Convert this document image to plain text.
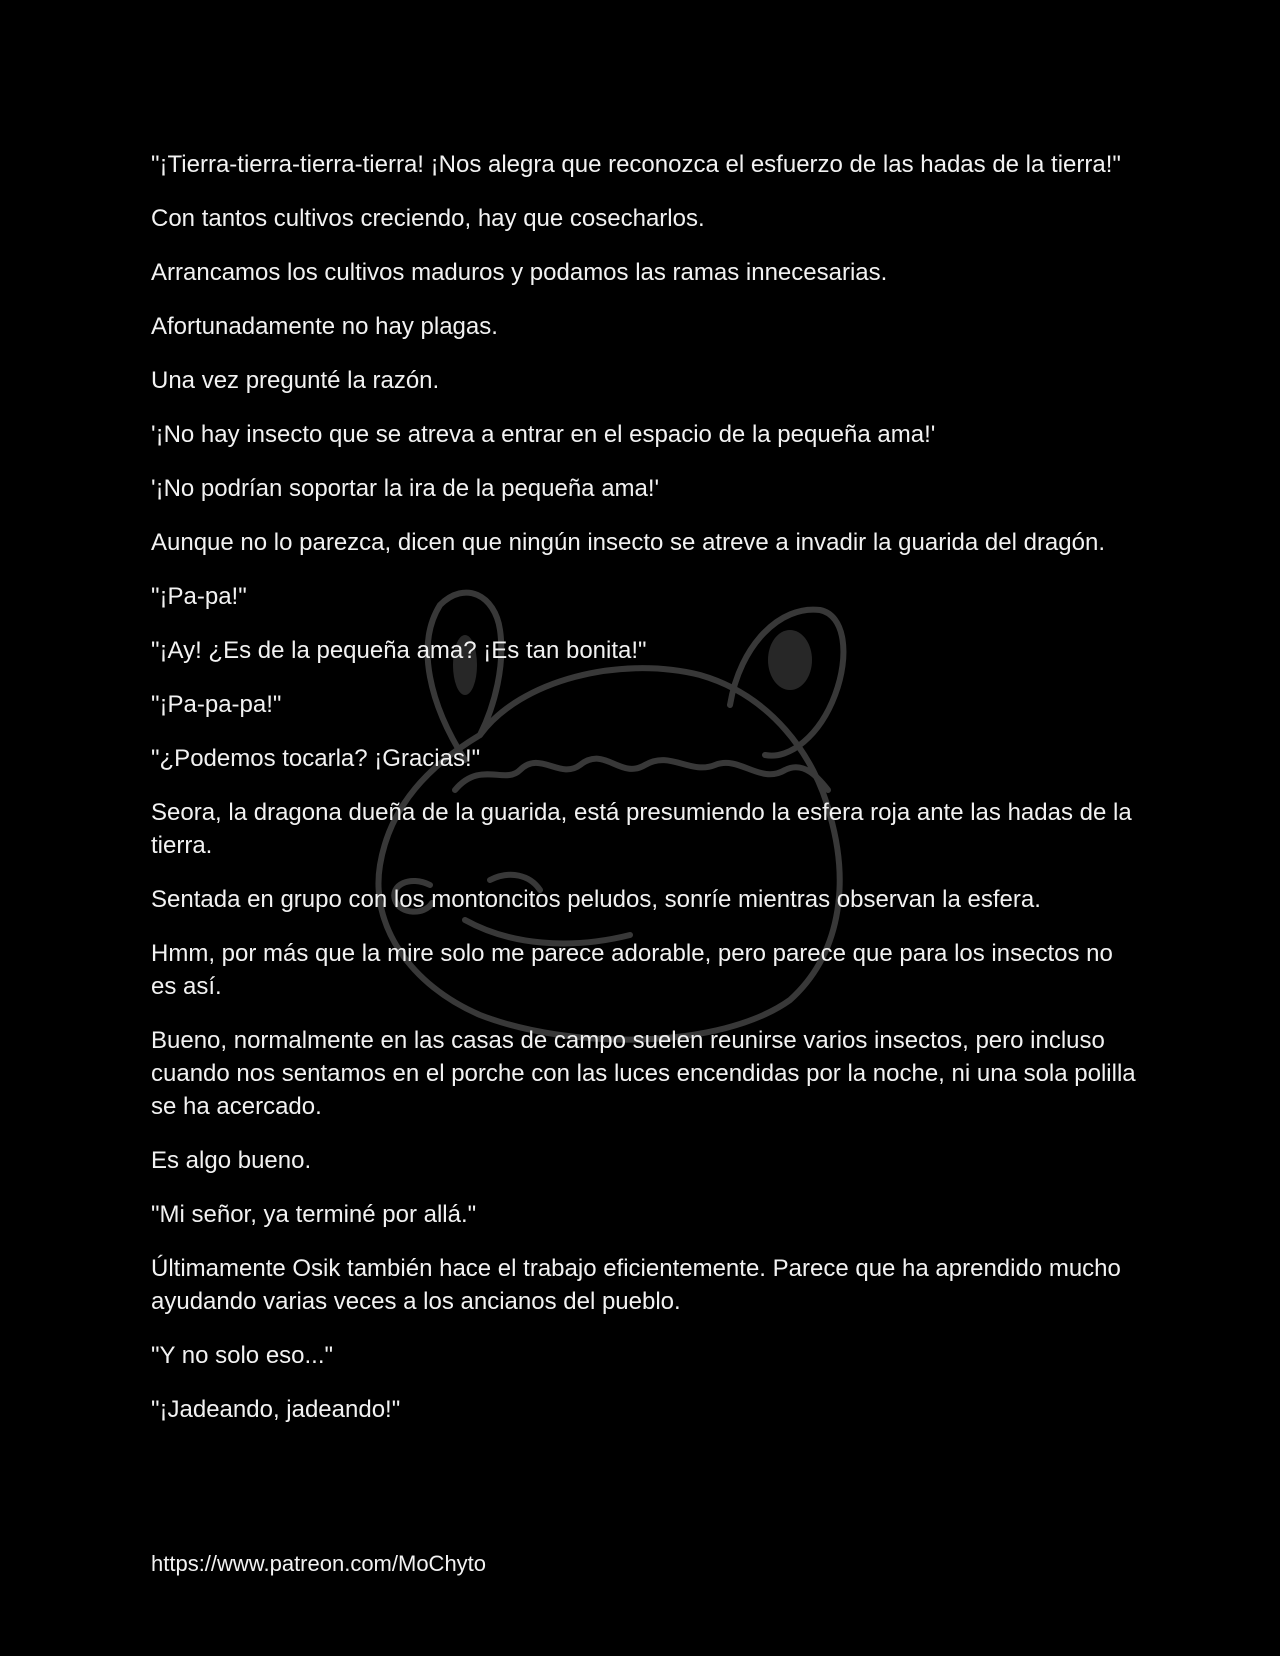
"¡Tierra-tierra-tierra-tierra! ¡Nos alegra que reconozca el esfuerzo de las hadas de la tierra!"

Con tantos cultivos creciendo, hay que cosecharlos.

Arrancamos los cultivos maduros y podamos las ramas innecesarias.

Afortunadamente no hay plagas.

Una vez pregunté la razón.

'¡No hay insecto que se atreva a entrar en el espacio de la pequeña ama!'

'¡No podrían soportar la ira de la pequeña ama!'

Aunque no lo parezca, dicen que ningún insecto se atreve a invadir la guarida del dragón.

"¡Pa-pa!"

"¡Ay! ¿Es de la pequeña ama? ¡Es tan bonita!"

"¡Pa-pa-pa!"

"¿Podemos tocarla? ¡Gracias!"

Seora, la dragona dueña de la guarida, está presumiendo la esfera roja ante las hadas de la tierra.

Sentada en grupo con los montoncitos peludos, sonríe mientras observan la esfera.

Hmm, por más que la mire solo me parece adorable, pero parece que para los insectos no es así.

Bueno, normalmente en las casas de campo suelen reunirse varios insectos, pero incluso cuando nos sentamos en el porche con las luces encendidas por la noche, ni una sola polilla se ha acercado.

Es algo bueno.

"Mi señor, ya terminé por allá."

Últimamente Osik también hace el trabajo eficientemente. Parece que ha aprendido mucho ayudando varias veces a los ancianos del pueblo.

"Y no solo eso..."

"¡Jadeando, jadeando!"

https://www.patreon.com/MoChyto
